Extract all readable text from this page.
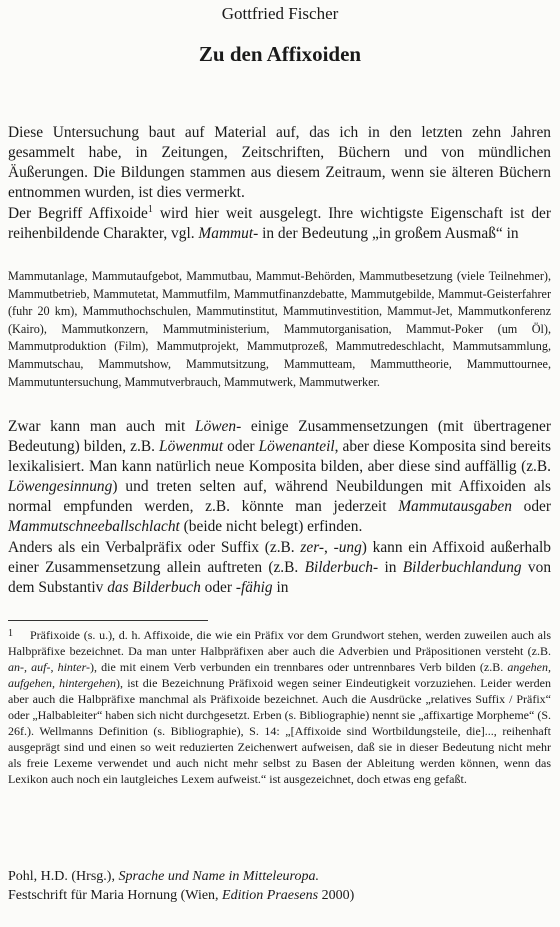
Gottfried Fischer
Zu den Affixoiden

Diese Untersuchung baut auf Material auf, das ich in den letzten zehn Jahren gesammelt habe, in Zeitungen, Zeitschriften, Büchern und von mündlichen Äußerungen. Die Bildungen stammen aus diesem Zeitraum, wenn sie älteren Büchern entnommen wurden, ist dies vermerkt.

Der Begriff Affixoide$^1$ wird hier weit ausgelegt. Ihre wichtigste Eigenschaft ist der reihenbildende Charakter, vgl. Mammut- in der Bedeutung „in großem Ausmaß“ in

Mammutanlage, Mammutaufgebot, Mammutbau, Mammut-Behörden, Mammutbesetzung (viele Teilnehmer), Mammutbetrieb, Mammutetat, Mammutfilm, Mammutfinanzdebatte, Mammutgebilde, Mammut-Geisterfahrer (fuhr 20 km), Mammuthochschulen, Mammutinstitut, Mammutinvestition, Mammut-Jet, Mammutkonferenz (Kairo), Mammutkonzern, Mammutministerium, Mammutorganisation, Mammut-Poker (um Öl), Mammutproduktion (Film), Mammutprojekt, Mammutprozeß, Mammutredeschlacht, Mammutsammlung, Mammutschau, Mammutshow, Mammutsitzung, Mammutteam, Mammuttheorie, Mammuttournee, Mammutuntersuchung, Mammutverbrauch, Mammutwerk, Mammutwerker.

Zwar kann man auch mit Löwen- einige Zusammensetzungen (mit übertragener Bedeutung) bilden, z.B. Löwenmut oder Löwenanteil, aber diese Komposita sind bereits lexikalisiert. Man kann natürlich neue Komposita bilden, aber diese sind auffällig (z.B. Löwengesinnung) und treten selten auf, während Neubildungen mit Affixoiden als normal empfunden werden, z.B. könnte man jederzeit Mammutausgaben oder Mammutschneeballschlacht (beide nicht belegt) erfinden.

Anders als ein Verbalpräfix oder Suffix (z.B. zer-, -ung) kann ein Affixoid außerhalb einer Zusammensetzung allein auftreten (z.B. Bilderbuch- in Bilderbuchlandung von dem Substantiv das Bilderbuch oder -fähig in

1	Präfixoide (s. u.), d. h. Affixoide, die wie ein Präfix vor dem Grundwort stehen, werden zuweilen auch als Halbpräfixe bezeichnet. Da man unter Halbpräfixen aber auch die Adverbien und Präpositionen versteht (z.B. an-, auf-, hinter-), die mit einem Verb verbunden ein trennbares oder untrennbares Verb bilden (z.B. angehen, aufgehen, hintergehen), ist die Bezeichnung Präfixoid wegen seiner Eindeutigkeit vorzuziehen. Leider werden aber auch die Halbpräfixe manchmal als Präfixoide bezeichnet. Auch die Ausdrücke „relatives Suffix / Präfix“ oder „Halbableiter“ haben sich nicht durchgesetzt. Erben (s. Bibliographie) nennt sie „affixartige Morpheme“ (S. 26f.). Wellmanns Definition (s. Bibliographie), S. 14: „[Affixoide sind Wortbildungsteile, die]..., reihenhaft ausgeprägt sind und einen so weit reduzierten Zeichenwert aufweisen, daß sie in dieser Bedeutung nicht mehr als freie Lexeme verwendet und auch nicht mehr selbst zu Basen der Ableitung werden können, wenn das Lexikon auch noch ein lautgleiches Lexem aufweist.“ ist ausgezeichnet, doch etwas eng gefaßt.

Pohl, H.D. (Hrsg.), Sprache und Name in Mitteleuropa.
Festschrift für Maria Hornung (Wien, Edition Praesens 2000)
